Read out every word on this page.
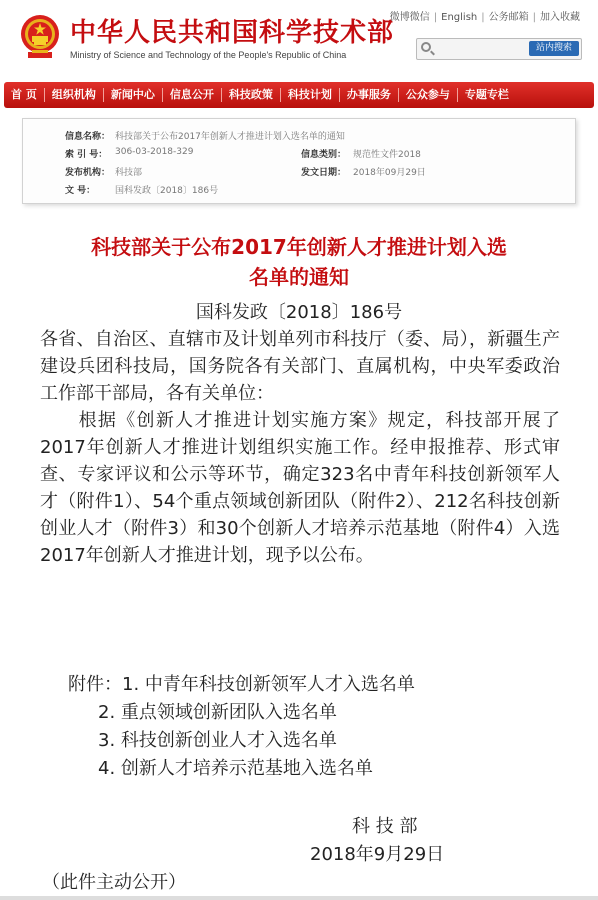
中华人民共和国科学技术部
Ministry of Science and Technology of the People's Republic of China
微博微信 | English | 公务邮箱 | 加入收藏
站内搜索
首 页	组织机构	新闻中心	信息公开	科技政策	科技计划	办事服务	公众参与	专题专栏
信息名称： 科技部关于公布2017年创新人才推进计划入选名单的通知
索 引 号： 306-03-2018-329	信息类别： 规范性文件2018
发布机构： 科技部	发文日期： 2018年09月29日
文 号： 国科发政〔2018〕186号
科技部关于公布2017年创新人才推进计划入选
名单的通知
国科发政〔2018〕186号

各省、自治区、直辖市及计划单列市科技厅（委、局），新疆生产建设兵团科技局，国务院各有关部门、直属机构，中央军委政治工作部干部局，各有关单位：
　　根据《创新人才推进计划实施方案》规定，科技部开展了2017年创新人才推进计划组织实施工作。经申报推荐、形式审查、专家评议和公示等环节，确定323名中青年科技创新领军人才（附件1）、54个重点领域创新团队（附件2）、212名科技创新创业人才（附件3）和30个创新人才培养示范基地（附件4）入选2017年创新人才推进计划，现予以公布。

附件：1. 中青年科技创新领军人才入选名单
2. 重点领域创新团队入选名单
3. 科技创新创业人才入选名单
4. 创新人才培养示范基地入选名单
科 技 部
2018年9月29日
（此件主动公开）
